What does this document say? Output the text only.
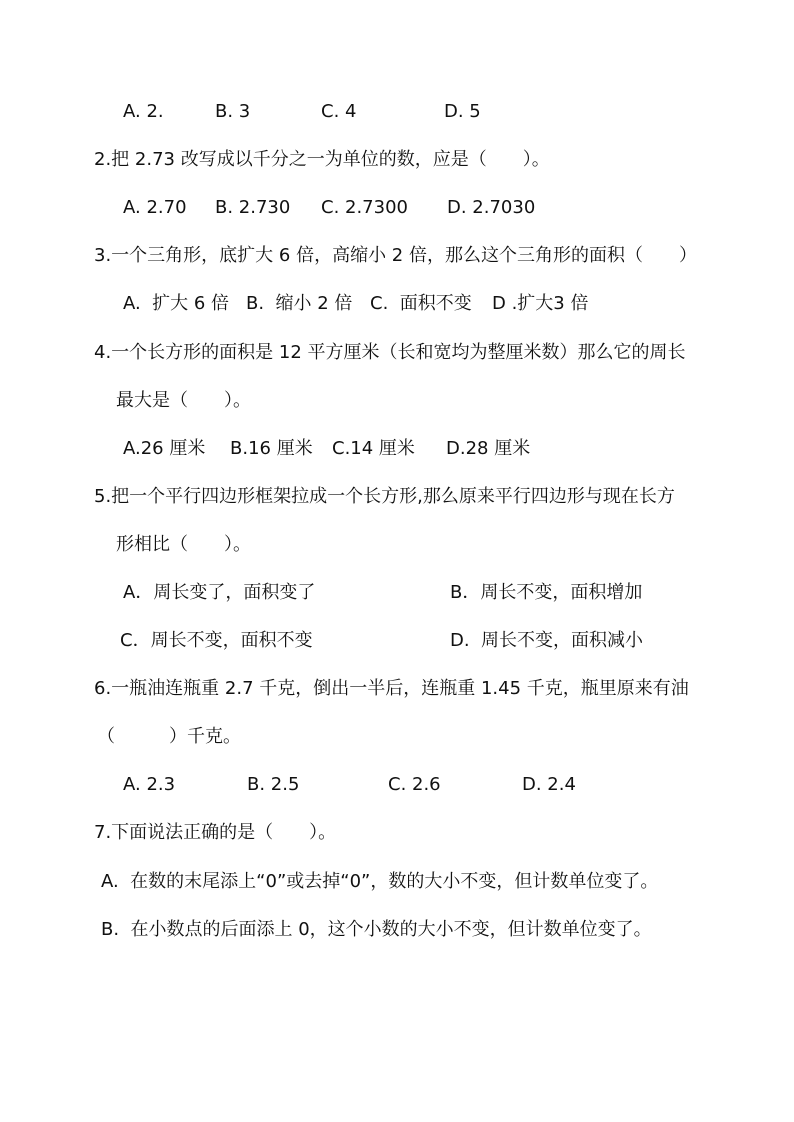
A. 2.	B. 3	C. 4	D. 5
2.把 2.73 改写成以千分之一为单位的数，应是（　　）。
A. 2.70 B. 2.730 C. 2.7300 D. 2.7030
3.一个三角形，底扩大 6 倍，高缩小 2 倍，那么这个三角形的面积（　　）
A.  扩大 6 倍 B.  缩小 2 倍 C.  面积不变 D .扩大3 倍
4.一个长方形的面积是 12 平方厘米（长和宽均为整厘米数）那么它的周长
最大是（　　）。
A.26 厘米 B.16 厘米 C.14 厘米 D.28 厘米
5.把一个平行四边形框架拉成一个长方形,那么原来平行四边形与现在长方
形相比（　　）。
A．周长变了，面积变了	B．周长不变，面积增加
C．周长不变，面积不变	D.  周长不变，面积减小
6.一瓶油连瓶重 2.7 千克，倒出一半后，连瓶重 1.45 千克，瓶里原来有油
（　　　）千克。
A. 2.3	B. 2.5	C. 2.6	D. 2.4
7.下面说法正确的是（　　）。
A.  在数的末尾添上“0”或去掉“0”，数的大小不变，但计数单位变了。
B.  在小数点的后面添上 0，这个小数的大小不变，但计数单位变了。
